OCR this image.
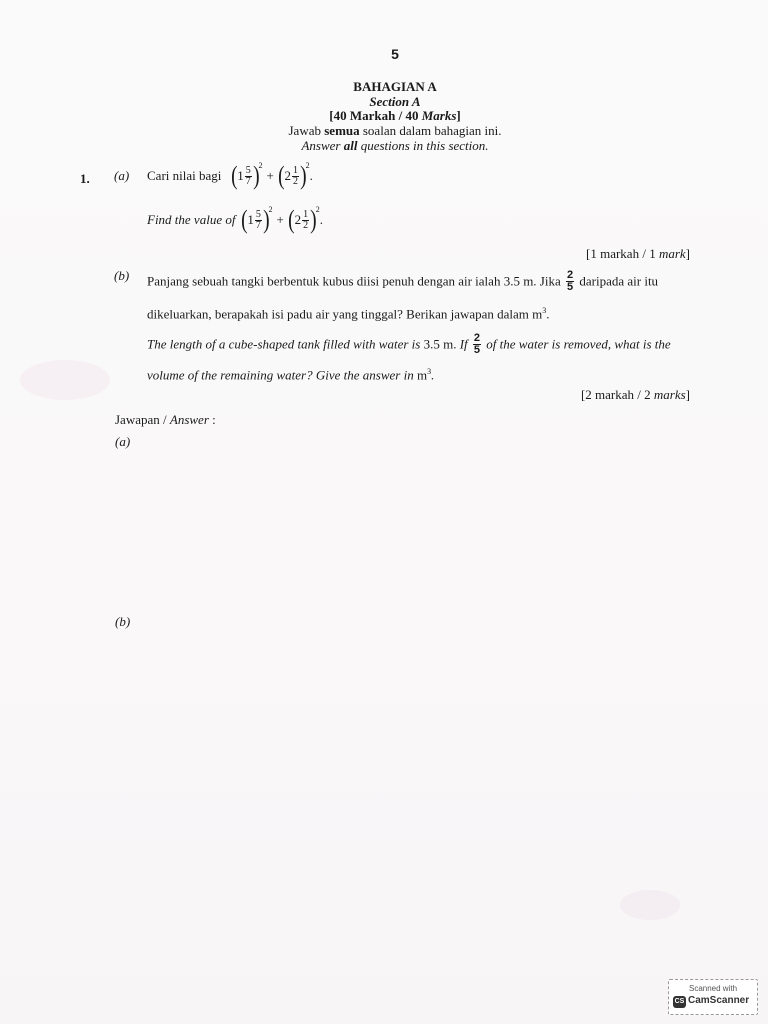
5
BAHAGIAN A
Section A
[40 Markah / 40 Marks]
Jawab semua soalan dalam bahagian ini.
Answer all questions in this section.
1. (a) Cari nilai bagi ( $1 \frac{5}{7}$ ) 2
+ ( $2 \frac{1}{2}$ ) 2
.
Find the value of ( $1 \frac{5}{7}$ ) 2
+ ( $2 \frac{1}{2}$ ) 2
.
[1 markah / 1 mark]
(b) Panjang sebuah tangki berbentuk kubus diisi penuh dengan air ialah 3.5 m. Jika $\frac{2}{5}$ daripada air itu
dikeluarkan, berapakah isi padu air yang tinggal? Berikan jawapan dalam $m^3$.
The length of a cube-shaped tank filled with water is 3.5 m. If $\frac{2}{5}$ of the water is removed, what is the
volume of the remaining water? Give the answer in $m^3$.
[2 markah / 2 marks]
Jawapan / Answer :
(a)
(b)
Scanned with
CS CamScanner
